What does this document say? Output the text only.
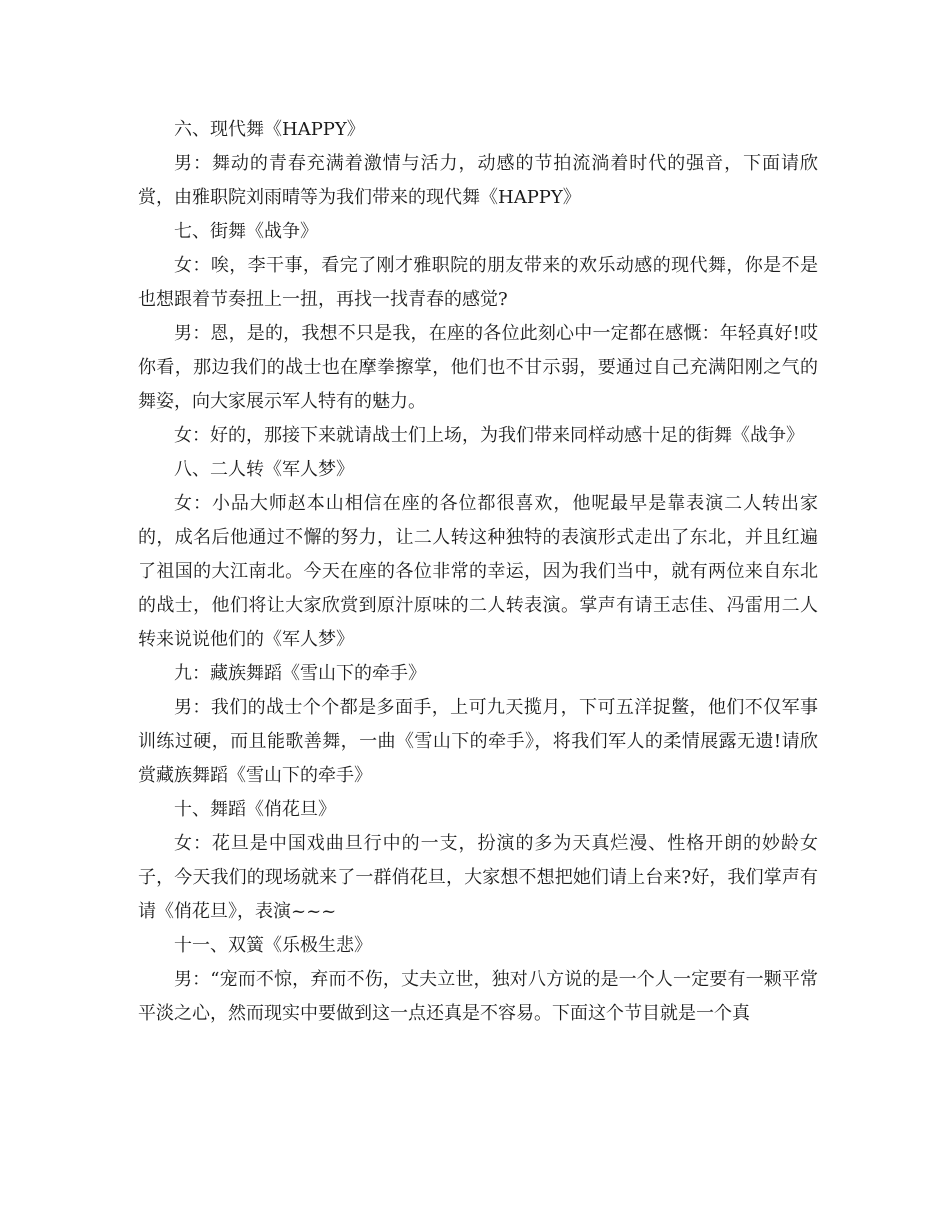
六、现代舞《HAPPY》

男：舞动的青春充满着激情与活力，动感的节拍流淌着时代的强音，下面请欣赏，由雅职院刘雨晴等为我们带来的现代舞《HAPPY》

七、街舞《战争》

女：唉，李干事，看完了刚才雅职院的朋友带来的欢乐动感的现代舞，你是不是也想跟着节奏扭上一扭，再找一找青春的感觉?

男：恩，是的，我想不只是我，在座的各位此刻心中一定都在感慨：年轻真好!哎你看，那边我们的战士也在摩拳擦掌，他们也不甘示弱，要通过自己充满阳刚之气的舞姿，向大家展示军人特有的魅力。

女：好的，那接下来就请战士们上场，为我们带来同样动感十足的街舞《战争》

八、二人转《军人梦》

女：小品大师赵本山相信在座的各位都很喜欢，他呢最早是靠表演二人转出家的，成名后他通过不懈的努力，让二人转这种独特的表演形式走出了东北，并且红遍了祖国的大江南北。今天在座的各位非常的幸运，因为我们当中，就有两位来自东北的战士，他们将让大家欣赏到原汁原味的二人转表演。掌声有请王志佳、冯雷用二人转来说说他们的《军人梦》

九：藏族舞蹈《雪山下的牵手》

男：我们的战士个个都是多面手，上可九天揽月，下可五洋捉鳖，他们不仅军事训练过硬，而且能歌善舞，一曲《雪山下的牵手》，将我们军人的柔情展露无遗!请欣赏藏族舞蹈《雪山下的牵手》

十、舞蹈《俏花旦》

女：花旦是中国戏曲旦行中的一支，扮演的多为天真烂漫、性格开朗的妙龄女子，今天我们的现场就来了一群俏花旦，大家想不想把她们请上台来?好，我们掌声有请《俏花旦》，表演~~~

十一、双簧《乐极生悲》

男：“宠而不惊，弃而不伤，丈夫立世，独对八方说的是一个人一定要有一颗平常平淡之心，然而现实中要做到这一点还真是不容易。下面这个节目就是一个真
